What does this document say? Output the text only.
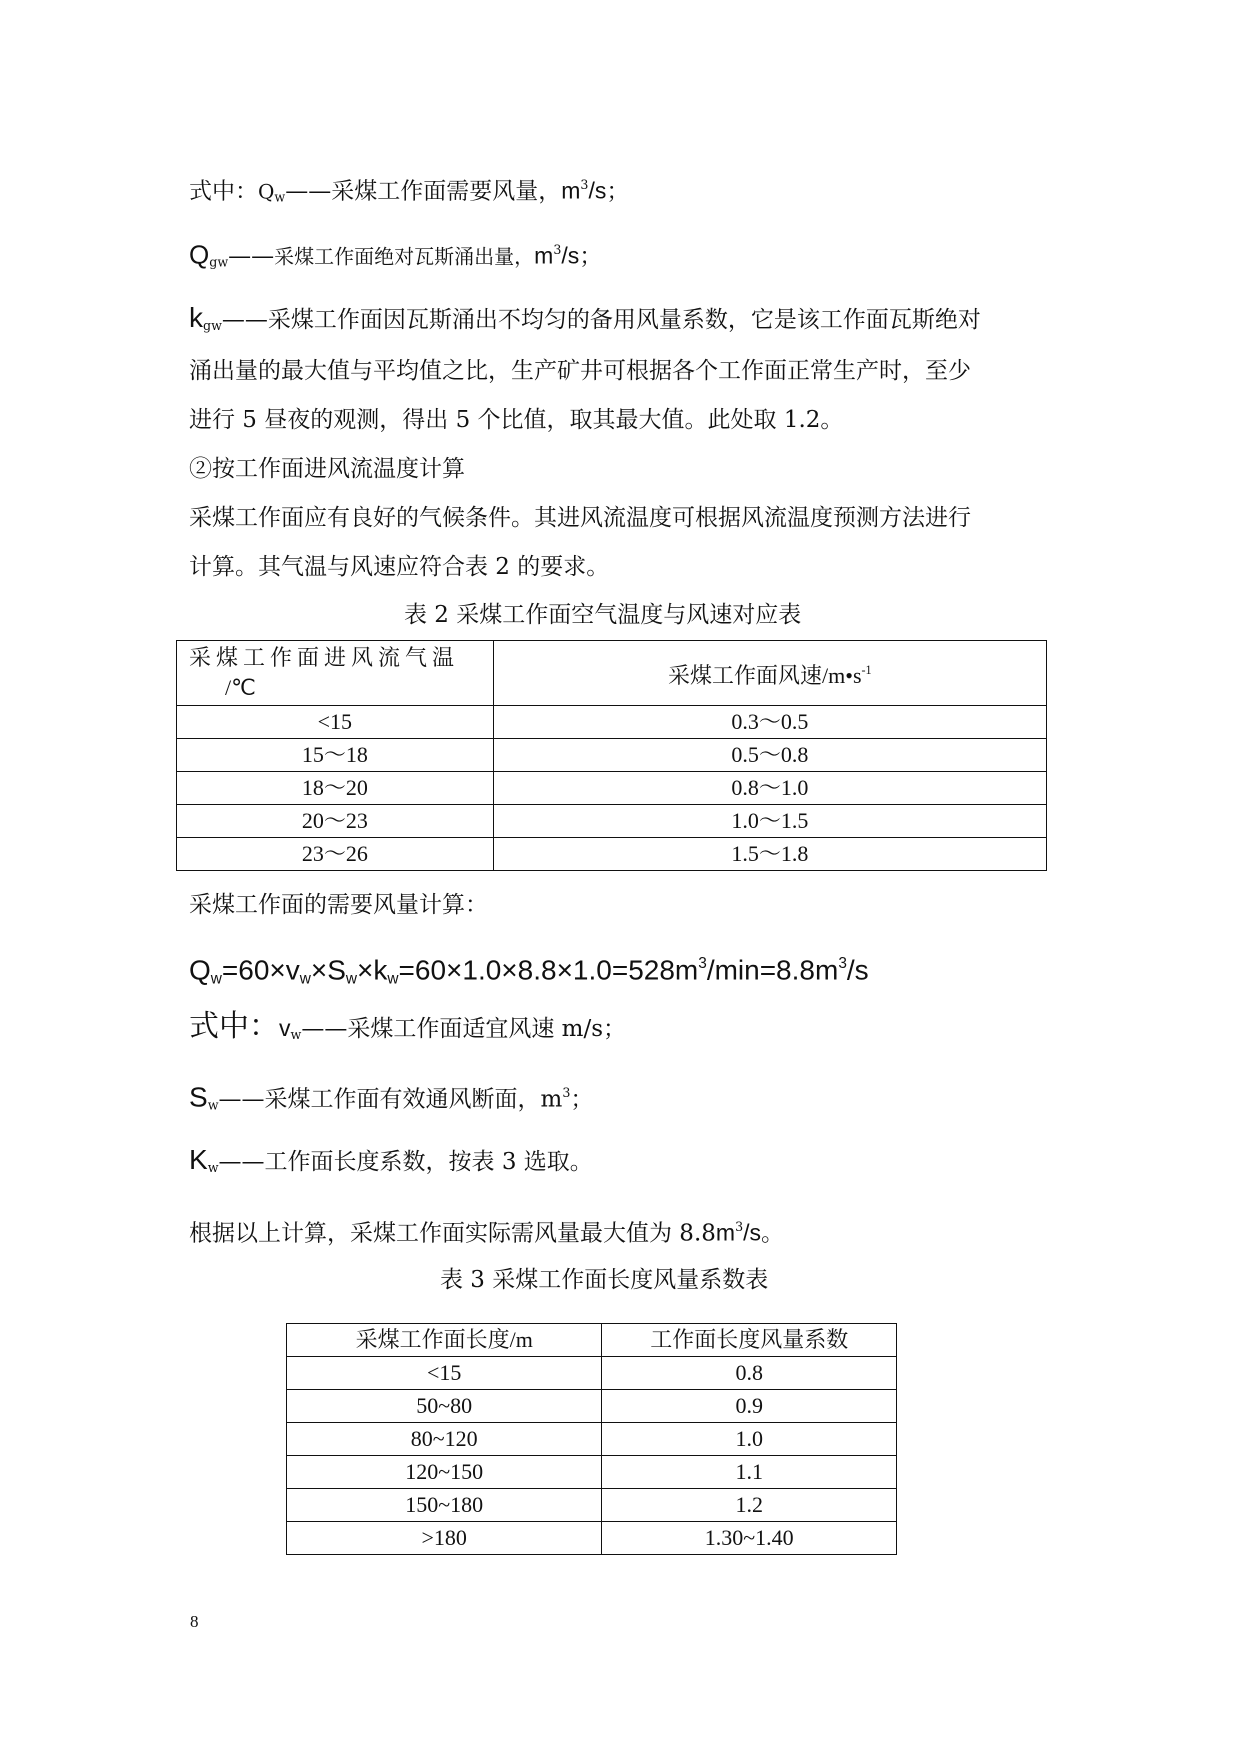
式中：$Q_w——$采煤工作面需要风量，$m^3/s$；
$Q_{gw}——$采煤工作面绝对瓦斯涌出量，$m^3/s$；
$k_{gw}——$采煤工作面因瓦斯涌出不均匀的备用风量系数，它是该工作面瓦斯绝对
涌出量的最大值与平均值之比，生产矿井可根据各个工作面正常生产时，至少
进行 5 昼夜的观测，得出 5 个比值，取其最大值。此处取 1.2。
②按工作面进风流温度计算
采煤工作面应有良好的气候条件。其进风流温度可根据风流温度预测方法进行
计算。其气温与风速应符合表 2 的要求。
表 2 采煤工作面空气温度与风速对应表
采煤工作面进风流气温
/℃	采煤工作面风速$/m•s^{-1}$
<15	0.3～0.5
15～18	0.5～0.8
18～20	0.8～1.0
20～23	1.0～1.5
23～26	1.5～1.8
采煤工作面的需要风量计算：
$Q_w=60\times v_w\times S_w\times k_w=60\times 1.0\times 8.8\times 1.0=528m^3/\min=8.8m^3/s$
式中：$v_w——$采煤工作面适宜风速 m/s；
$S_w——$采煤工作面有效通风断面，$m^3$；
$K_w——$工作面长度系数，按表 3 选取。
根据以上计算，采煤工作面实际需风量最大值为 $8.8m^3/s$。
表 3 采煤工作面长度风量系数表
采煤工作面长度/m	工作面长度风量系数
<15	0.8
50~80	0.9
80~120	1.0
120~150	1.1
150~180	1.2
>180	1.30~1.40
8
